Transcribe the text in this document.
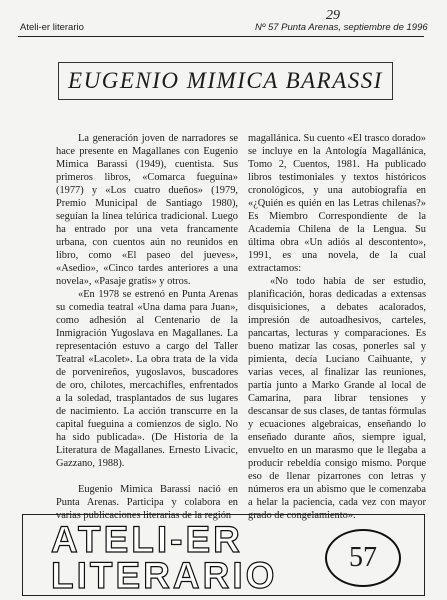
Ateli-er literario
29
Nº 57 Punta Arenas, septiembre de 1996
EUGENIO MIMICA BARASSI

La generación joven de narradores se hace presente en Magallanes con Eugenio Mimica Barassi (1949), cuentista. Sus primeros libros, «Comarca fueguina» (1977) y «Los cuatro dueños» (1979, Premio Municipal de Santiago 1980), seguían la línea telúrica tradicional. Luego ha entrado por una veta francamente urbana, con cuentos aún no reunidos en libro, como «El paseo del jueves», «Asedio», «Cinco tardes anteriores a una novela», «Pasaje gratis» y otros.

«En 1978 se estrenó en Punta Arenas su comedia teatral «Una dama para Juan», como adhesión al Centenario de la Inmigración Yugoslava en Magallanes. La representación estuvo a cargo del Taller Teatral «Lacolet». La obra trata de la vida de porvenireños, yugoslavos, buscadores de oro, chilotes, mercachifles, enfrentados a la soledad, trasplantados de sus lugares de nacimiento. La acción transcurre en la capital fueguina a comienzos de siglo. No ha sido publicada». (De Historia de la Literatura de Magallanes. Ernesto Livacic, Gazzano, 1988).

Eugenio Mimica Barassi nació en Punta Arenas. Participa y colabora en varias publicaciones literarias de la región

magallánica. Su cuento «El trasco dorado» se incluye en la Antología Magallánica, Tomo 2, Cuentos, 1981. Ha publicado libros testimoniales y textos históricos cronológicos, y una autobiografía en «¿Quién es quién en las Letras chilenas?» Es Miembro Correspondiente de la Academia Chilena de la Lengua. Su última obra «Un adiós al descontento», 1991, es una novela, de la cual extractamos:

«No todo había de ser estudio, planificación, horas dedicadas a extensas disquisiciones, a debates acalorados, impresión de autoadhesivos, carteles, pancartas, lecturas y comparaciones. Es bueno matizar las cosas, ponerles sal y pimienta, decía Luciano Caihuante, y varias veces, al finalizar las reuniones, partía junto a Marko Grande al local de Camarina, para librar tensiones y descansar de sus clases, de tantas fórmulas y ecuaciones algebraicas, enseñando lo enseñado durante años, siempre igual, envuelto en un marasmo que le llegaba a producir rebeldía consigo mismo. Porque eso de llenar pizarrones con letras y números era un abismo que le comenzaba a helar la paciencia, cada vez con mayor grado de congelamiento».

ATELI-ER
LITERARIO	57
